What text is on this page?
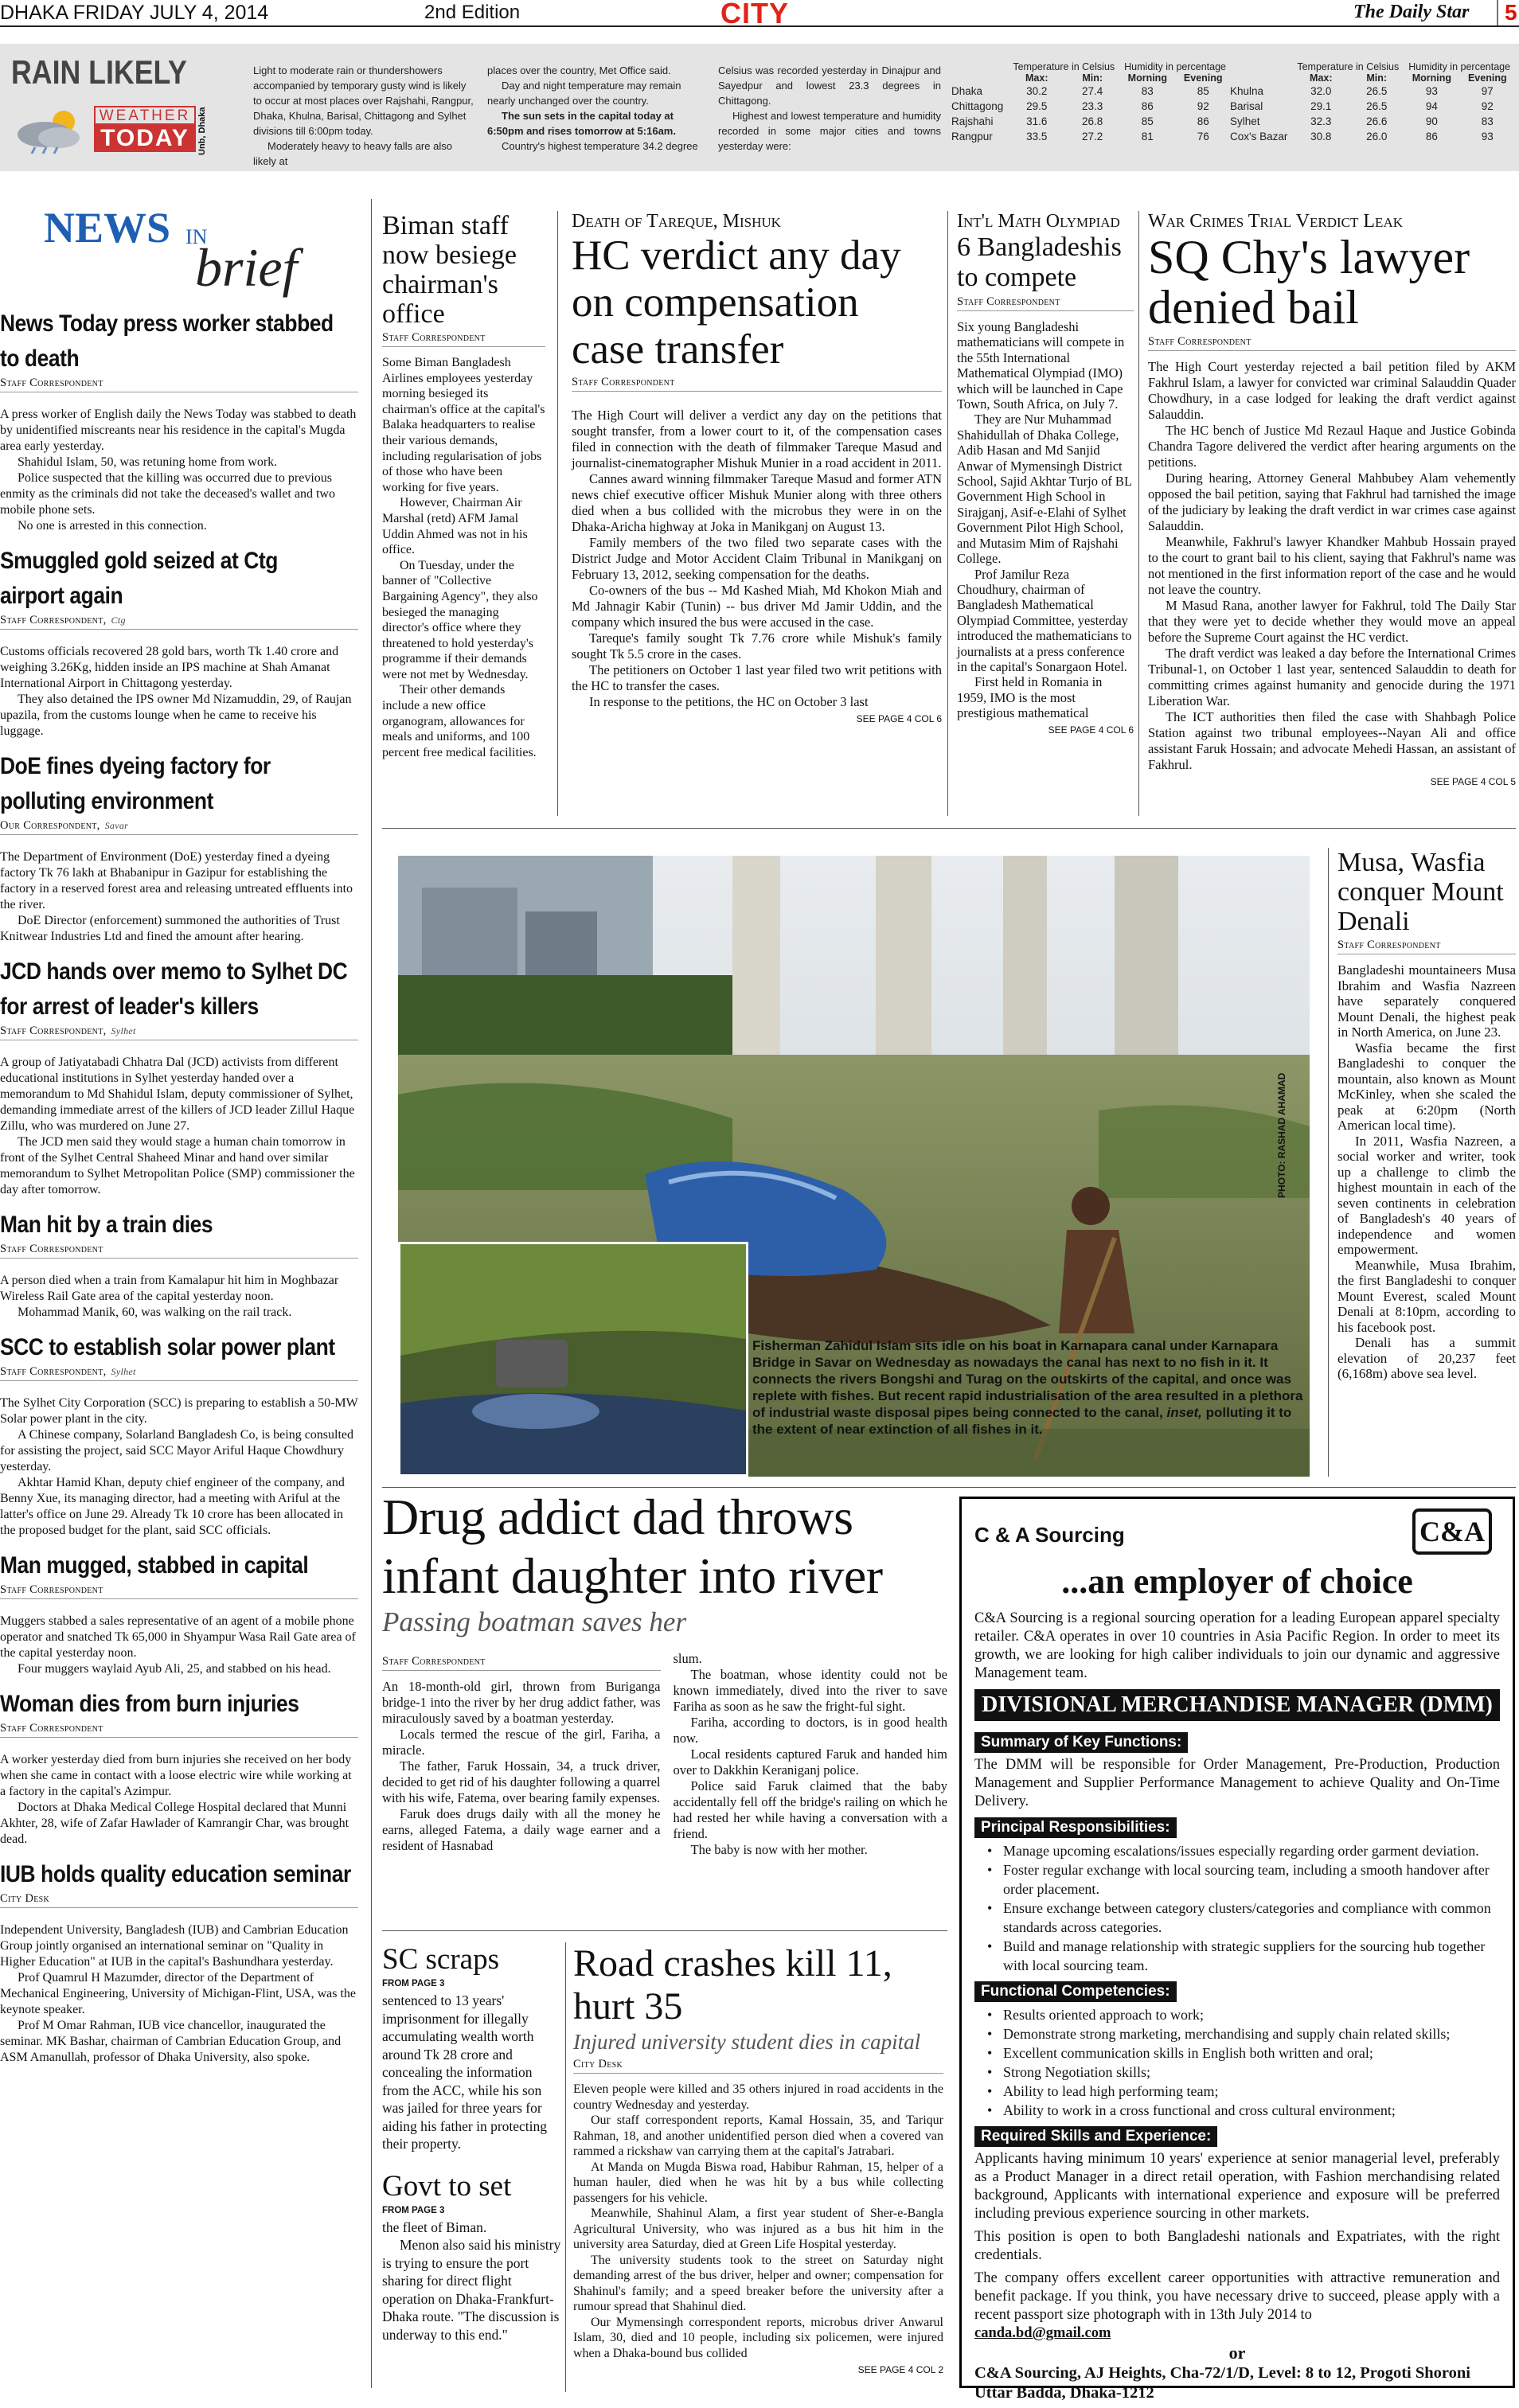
DHAKA FRIDAY JULY 4, 2014	2nd Edition	CITY	The Daily Star	5
RAIN LIKELY
WEATHER
TODAY Unb, Dhaka
Light to moderate rain or thundershowers accompanied by temporary gusty wind is likely to occur at most places over Rajshahi, Rangpur, Dhaka, Khulna, Barisal, Chittagong and Sylhet divisions till 6:00pm today.
Moderately heavy to heavy falls are also likely at
places over the country, Met Office said.
Day and night temperature may remain nearly unchanged over the country.
The sun sets in the capital today at 6:50pm and rises tomorrow at 5:16am.
Country's highest temperature 34.2 degree
Celsius was recorded yesterday in Dinajpur and Sayedpur and lowest 23.3 degrees in Chittagong.
Highest and lowest temperature and humidity recorded in some major cities and towns yesterday were:
	Temperature in Celsius		Humidity in percentage	
	Max:	Min:	Morning	Evening
Dhaka	30.2	27.4	83	85
Chittagong	29.5	23.3	86	92
Rajshahi	31.6	26.8	85	86
Rangpur	33.5	27.2	81	76
	Temperature in Celsius		Humidity in percentage	
	Max:	Min:	Morning	Evening
Khulna	32.0	26.5	93	97
Barisal	29.1	26.5	94	92
Sylhet	32.3	26.6	90	83
Cox's Bazar	30.8	26.0	86	93
NEWS IN
brief
News Today press worker stabbed
to death
Staff Correspondent

A press worker of English daily the News Today was stabbed to death by unidentified miscreants near his residence in the capital's Mugda area early yesterday.

Shahidul Islam, 50, was retuning home from work.

Police suspected that the killing was occurred due to previous enmity as the criminals did not take the deceased's wallet and two mobile phone sets.

No one is arrested in this connection.

Smuggled gold seized at Ctg
airport again
Staff Correspondent, Ctg

Customs officials recovered 28 gold bars, worth Tk 1.40 crore and weighing 3.26Kg, hidden inside an IPS machine at Shah Amanat International Airport in Chittagong yesterday.

They also detained the IPS owner Md Nizamuddin, 29, of Raujan upazila, from the customs lounge when he came to receive his luggage.

DoE fines dyeing factory for
polluting environment
Our Correspondent, Savar

The Department of Environment (DoE) yesterday fined a dyeing factory Tk 76 lakh at Bhabanipur in Gazipur for establishing the factory in a reserved forest area and releasing untreated effluents into the river.

DoE Director (enforcement) summoned the authorities of Trust Knitwear Industries Ltd and fined the amount after hearing.

JCD hands over memo to Sylhet DC
for arrest of leader's killers
Staff Correspondent, Sylhet

A group of Jatiyatabadi Chhatra Dal (JCD) activists from different educational institutions in Sylhet yesterday handed over a memorandum to Md Shahidul Islam, deputy commissioner of Sylhet, demanding immediate arrest of the killers of JCD leader Zillul Haque Zillu, who was murdered on June 27.

The JCD men said they would stage a human chain tomorrow in front of the Sylhet Central Shaheed Minar and hand over similar memorandum to Sylhet Metropolitan Police (SMP) commissioner the day after tomorrow.

Man hit by a train dies
Staff Correspondent

A person died when a train from Kamalapur hit him in Moghbazar Wireless Rail Gate area of the capital yesterday noon.

Mohammad Manik, 60, was walking on the rail track.

SCC to establish solar power plant
Staff Correspondent, Sylhet

The Sylhet City Corporation (SCC) is preparing to establish a 50-MW Solar power plant in the city.

A Chinese company, Solarland Bangladesh Co, is being consulted for assisting the project, said SCC Mayor Ariful Haque Chowdhury yesterday.

Akhtar Hamid Khan, deputy chief engineer of the company, and Benny Xue, its managing director, had a meeting with Ariful at the latter's office on June 29. Already Tk 10 crore has been allocated in the proposed budget for the plant, said SCC officials.

Man mugged, stabbed in capital
Staff Correspondent

Muggers stabbed a sales representative of an agent of a mobile phone operator and snatched Tk 65,000 in Shyampur Wasa Rail Gate area of the capital yesterday noon.

Four muggers waylaid Ayub Ali, 25, and stabbed on his head.

Woman dies from burn injuries
Staff Correspondent

A worker yesterday died from burn injuries she received on her body when she came in contact with a loose electric wire while working at a factory in the capital's Azimpur.

Doctors at Dhaka Medical College Hospital declared that Munni Akhter, 28, wife of Zafar Hawlader of Kamrangir Char, was brought dead.

IUB holds quality education seminar
City Desk

Independent University, Bangladesh (IUB) and Cambrian Education Group jointly organised an international seminar on "Quality in Higher Education" at IUB in the capital's Bashundhara yesterday.

Prof Quamrul H Mazumder, director of the Department of Mechanical Engineering, University of Michigan-Flint, USA, was the keynote speaker.

Prof M Omar Rahman, IUB vice chancellor, inaugurated the seminar. MK Bashar, chairman of Cambrian Education Group, and ASM Amanullah, professor of Dhaka University, also spoke.

Biman staff now besiege chairman's office
Staff Correspondent

Some Biman Bangladesh Airlines employees yesterday morning besieged its chairman's office at the capital's Balaka headquarters to realise their various demands, including regularisation of jobs of those who have been working for five years.

However, Chairman Air Marshal (retd) AFM Jamal Uddin Ahmed was not in his office.

On Tuesday, under the banner of "Collective Bargaining Agency", they also besieged the managing director's office where they threatened to hold yesterday's programme if their demands were not met by Wednesday.

Their other demands include a new office organogram, allowances for meals and uniforms, and 100 percent free medical facilities.

Death of Tareque, Mishuk
HC verdict any day on compensation case transfer
Staff Correspondent

The High Court will deliver a verdict any day on the petitions that sought transfer, from a lower court to it, of the compensation cases filed in connection with the death of filmmaker Tareque Masud and journalist-cinematographer Mishuk Munier in a road accident in 2011.

Cannes award winning filmmaker Tareque Masud and former ATN news chief executive officer Mishuk Munier along with three others died when a bus collided with the microbus they were in on the Dhaka-Aricha highway at Joka in Manikganj on August 13.

Family members of the two filed two separate cases with the District Judge and Motor Accident Claim Tribunal in Manikganj on February 13, 2012, seeking compensation for the deaths.

Co-owners of the bus -- Md Kashed Miah, Md Khokon Miah and Md Jahnagir Kabir (Tunin) -- bus driver Md Jamir Uddin, and the company which insured the bus were accused in the case.

Tareque's family sought Tk 7.76 crore while Mishuk's family sought Tk 5.5 crore in the cases.

The petitioners on October 1 last year filed two writ petitions with the HC to transfer the cases.

In response to the petitions, the HC on October 3 last

SEE PAGE 4 COL 6
Int'l Math Olympiad
6 Bangladeshis to compete
Staff Correspondent

Six young Bangladeshi mathematicians will compete in the 55th International Mathematical Olympiad (IMO) which will be launched in Cape Town, South Africa, on July 7.

They are Nur Muhammad Shahidullah of Dhaka College, Adib Hasan and Md Sanjid Anwar of Mymensingh District School, Sajid Akhtar Turjo of BL Government High School in Sirajganj, Asif-e-Elahi of Sylhet Government Pilot High School, and Mutasim Mim of Rajshahi College.

Prof Jamilur Reza Choudhury, chairman of Bangladesh Mathematical Olympiad Committee, yesterday introduced the mathematicians to journalists at a press conference in the capital's Sonargaon Hotel.

First held in Romania in 1959, IMO is the most prestigious mathematical

SEE PAGE 4 COL 6
War Crimes Trial Verdict Leak
SQ Chy's lawyer denied bail
Staff Correspondent

The High Court yesterday rejected a bail petition filed by AKM Fakhrul Islam, a lawyer for convicted war criminal Salauddin Quader Chowdhury, in a case lodged for leaking the draft verdict against Salauddin.

The HC bench of Justice Md Rezaul Haque and Justice Gobinda Chandra Tagore delivered the verdict after hearing arguments on the petitions.

During hearing, Attorney General Mahbubey Alam vehemently opposed the bail petition, saying that Fakhrul had tarnished the image of the judiciary by leaking the draft verdict in war crimes case against Salauddin.

Meanwhile, Fakhrul's lawyer Khandker Mahbub Hossain prayed to the court to grant bail to his client, saying that Fakhrul's name was not mentioned in the first information report of the case and he would not leave the country.

M Masud Rana, another lawyer for Fakhrul, told The Daily Star that they were yet to decide whether they would move an appeal before the Supreme Court against the HC verdict.

The draft verdict was leaked a day before the International Crimes Tribunal-1, on October 1 last year, sentenced Salauddin to death for committing crimes against humanity and genocide during the 1971 Liberation War.

The ICT authorities then filed the case with Shahbagh Police Station against two tribunal employees--Nayan Ali and office assistant Faruk Hossain; and advocate Mehedi Hassan, an assistant of Fakhrul.

SEE PAGE 4 COL 5
PHOTO: RASHAD AHAMAD
Fisherman Zahidul Islam sits idle on his boat in Karnapara canal under Karnapara Bridge in Savar on Wednesday as nowadays the canal has next to no fish in it. It connects the rivers Bongshi and Turag on the outskirts of the capital, and once was replete with fishes. But recent rapid industrialisation of the area resulted in a plethora of industrial waste disposal pipes being connected to the canal, inset, polluting it to the extent of near extinction of all fishes in it.
Musa, Wasfia conquer Mount Denali
Staff Correspondent

Bangladeshi mountaineers Musa Ibrahim and Wasfia Nazreen have separately conquered Mount Denali, the highest peak in North America, on June 23.

Wasfia became the first Bangladeshi to conquer the mountain, also known as Mount McKinley, when she scaled the peak at 6:20pm (North American local time).

In 2011, Wasfia Nazreen, a social worker and writer, took up a challenge to climb the highest mountain in each of the seven continents in celebration of Bangladesh's 40 years of independence and women empowerment.

Meanwhile, Musa Ibrahim, the first Bangladeshi to conquer Mount Everest, scaled Mount Denali at 8:10pm, according to his facebook post.

Denali has a summit elevation of 20,237 feet (6,168m) above sea level.

Drug addict dad throws
infant daughter into river
Passing boatman saves her
Staff Correspondent

An 18-month-old girl, thrown from Buriganga bridge-1 into the river by her drug addict father, was miraculously saved by a boatman yesterday.

Locals termed the rescue of the girl, Fariha, a miracle.

The father, Faruk Hossain, 34, a truck driver, decided to get rid of his daughter following a quarrel with his wife, Fatema, over bearing family expenses.

Faruk does drugs daily with all the money he earns, alleged Fatema, a daily wage earner and a resident of Hasnabad

slum.

The boatman, whose identity could not be known immediately, dived into the river to save Fariha as soon as he saw the fright-ful sight.

Fariha, according to doctors, is in good health now.

Local residents captured Faruk and handed him over to Dakkhin Keraniganj police.

Police said Faruk claimed that the baby accidentally fell off the bridge's railing on which he had rested her while having a conversation with a friend.

The baby is now with her mother.

SC scraps
FROM PAGE 3

sentenced to 13 years' imprisonment for illegally accumulating wealth worth around Tk 28 crore and concealing the information from the ACC, while his son was jailed for three years for aiding his father in protecting their property.

Govt to set
FROM PAGE 3

the fleet of Biman.

Menon also said his ministry is trying to ensure the port sharing for direct flight operation on Dhaka-Frankfurt-Dhaka route. "The discussion is underway to this end."

Road crashes kill 11, hurt 35
Injured university student dies in capital
City Desk

Eleven people were killed and 35 others injured in road accidents in the country Wednesday and yesterday.

Our staff correspondent reports, Kamal Hossain, 35, and Tariqur Rahman, 18, and another unidentified person died when a covered van rammed a rickshaw van carrying them at the capital's Jatrabari.

At Manda on Mugda Biswa road, Habibur Rahman, 15, helper of a human hauler, died when he was hit by a bus while collecting passengers for his vehicle.

Meanwhile, Shahinul Alam, a first year student of Sher-e-Bangla Agricultural University, who was injured as a bus hit him in the university area Saturday, died at Green Life Hospital yesterday.

The university students took to the street on Saturday night demanding arrest of the bus driver, helper and owner; compensation for Shahinul's family; and a speed breaker before the university after a rumour spread that Shahinul died.

Our Mymensingh correspondent reports, microbus driver Anwarul Islam, 30, died and 10 people, including six policemen, were injured when a Dhaka-bound bus collided

SEE PAGE 4 COL 2
C & A Sourcing	C&A
...an employer of choice
C&A Sourcing is a regional sourcing operation for a leading European apparel specialty retailer. C&A operates in over 10 countries in Asia Pacific Region. In order to meet its growth, we are looking for high caliber individuals to join our dynamic and aggressive Management team.
DIVISIONAL MERCHANDISE MANAGER (DMM)
Summary of Key Functions:
The DMM will be responsible for Order Management, Pre-Production, Production Management and Supplier Performance Management to achieve Quality and On-Time Delivery.
Principal Responsibilities:
• Manage upcoming escalations/issues especially regarding order garment deviation.
• Foster regular exchange with local sourcing team, including a smooth handover after order placement.
• Ensure exchange between category clusters/categories and compliance with common standards across categories.
• Build and manage relationship with strategic suppliers for the sourcing hub together with local sourcing team.
Functional Competencies:
• Results oriented approach to work;
• Demonstrate strong marketing, merchandising and supply chain related skills;
• Excellent communication skills in English both written and oral;
• Strong Negotiation skills;
• Ability to lead high performing team;
• Ability to work in a cross functional and cross cultural environment;
Required Skills and Experience:
Applicants having minimum 10 years' experience at senior managerial level, preferably as a Product Manager in a direct retail operation, with Fashion merchandising related background, Applicants with international experience and exposure will be preferred including previous experience sourcing in other markets.
This position is open to both Bangladeshi nationals and Expatriates, with the right credentials.
The company offers excellent career opportunities with attractive remuneration and benefit package. If you think, you have necessary drive to succeed, please apply with a recent passport size photograph with in 13th July 2014 to
canda.bd@gmail.com
or
C&A Sourcing, AJ Heights, Cha-72/1/D, Level: 8 to 12, Progoti Shoroni Uttar Badda, Dhaka-1212
